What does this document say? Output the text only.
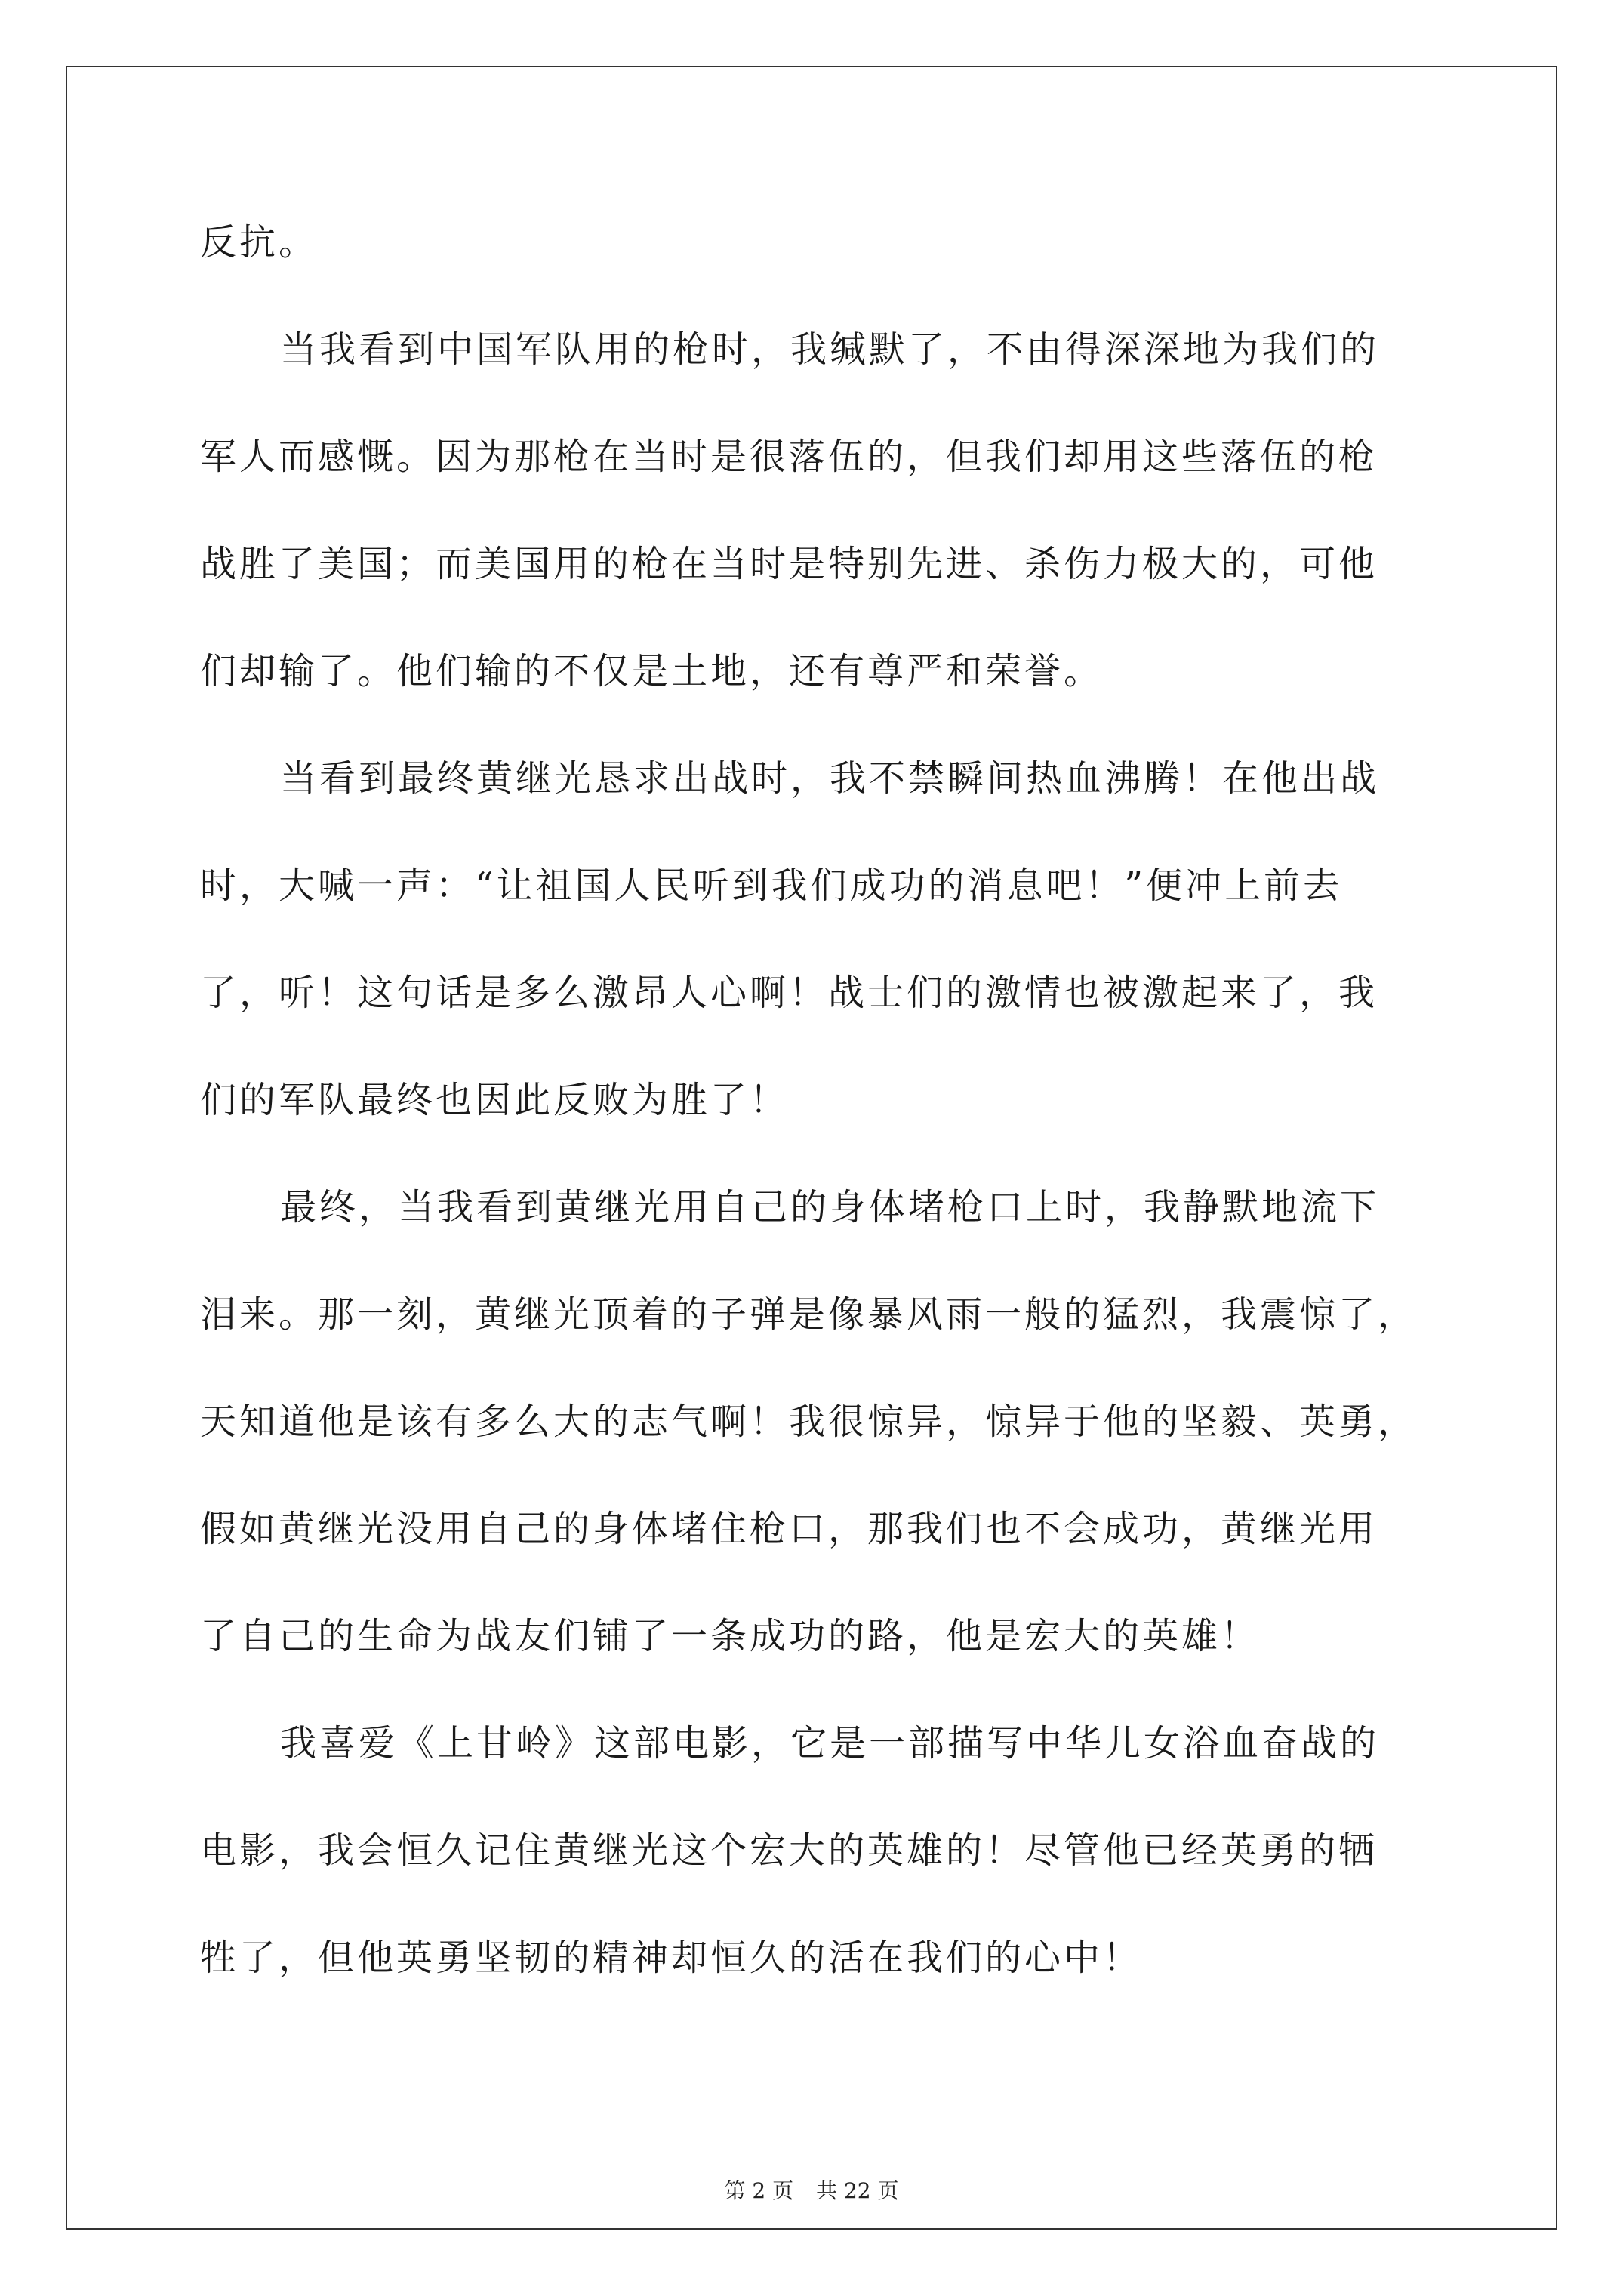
反抗。
当我看到中国军队用的枪时，我缄默了，不由得深深地为我们的
军人而感慨。因为那枪在当时是很落伍的，但我们却用这些落伍的枪
战胜了美国；而美国用的枪在当时是特别先进、杀伤力极大的，可他
们却输了。他们输的不仅是土地，还有尊严和荣誉。
当看到最终黄继光恳求出战时，我不禁瞬间热血沸腾！在他出战
时，大喊一声：“让祖国人民听到我们成功的消息吧！”便冲上前去
了，听！这句话是多么激昂人心啊！战士们的激情也被激起来了，我
们的军队最终也因此反败为胜了！
最终，当我看到黄继光用自己的身体堵枪口上时，我静默地流下
泪来。那一刻，黄继光顶着的子弹是像暴风雨一般的猛烈，我震惊了，
天知道他是该有多么大的志气啊！我很惊异，惊异于他的坚毅、英勇，
假如黄继光没用自己的身体堵住枪口，那我们也不会成功，黄继光用
了自己的生命为战友们铺了一条成功的路，他是宏大的英雄！
我喜爱《上甘岭》这部电影，它是一部描写中华儿女浴血奋战的
电影，我会恒久记住黄继光这个宏大的英雄的！尽管他已经英勇的牺
牲了，但他英勇坚韧的精神却恒久的活在我们的心中！
第 2 页 共 22 页
